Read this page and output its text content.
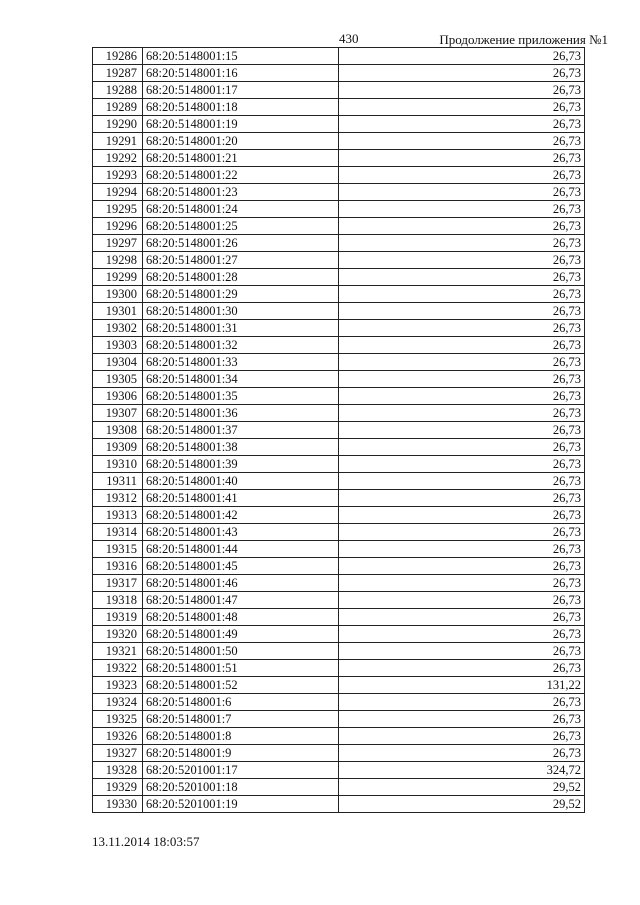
430	Продолжение приложения №1
19286	68:20:5148001:15	26,73
19287	68:20:5148001:16	26,73
19288	68:20:5148001:17	26,73
19289	68:20:5148001:18	26,73
19290	68:20:5148001:19	26,73
19291	68:20:5148001:20	26,73
19292	68:20:5148001:21	26,73
19293	68:20:5148001:22	26,73
19294	68:20:5148001:23	26,73
19295	68:20:5148001:24	26,73
19296	68:20:5148001:25	26,73
19297	68:20:5148001:26	26,73
19298	68:20:5148001:27	26,73
19299	68:20:5148001:28	26,73
19300	68:20:5148001:29	26,73
19301	68:20:5148001:30	26,73
19302	68:20:5148001:31	26,73
19303	68:20:5148001:32	26,73
19304	68:20:5148001:33	26,73
19305	68:20:5148001:34	26,73
19306	68:20:5148001:35	26,73
19307	68:20:5148001:36	26,73
19308	68:20:5148001:37	26,73
19309	68:20:5148001:38	26,73
19310	68:20:5148001:39	26,73
19311	68:20:5148001:40	26,73
19312	68:20:5148001:41	26,73
19313	68:20:5148001:42	26,73
19314	68:20:5148001:43	26,73
19315	68:20:5148001:44	26,73
19316	68:20:5148001:45	26,73
19317	68:20:5148001:46	26,73
19318	68:20:5148001:47	26,73
19319	68:20:5148001:48	26,73
19320	68:20:5148001:49	26,73
19321	68:20:5148001:50	26,73
19322	68:20:5148001:51	26,73
19323	68:20:5148001:52	131,22
19324	68:20:5148001:6	26,73
19325	68:20:5148001:7	26,73
19326	68:20:5148001:8	26,73
19327	68:20:5148001:9	26,73
19328	68:20:5201001:17	324,72
19329	68:20:5201001:18	29,52
19330	68:20:5201001:19	29,52
13.11.2014 18:03:57
